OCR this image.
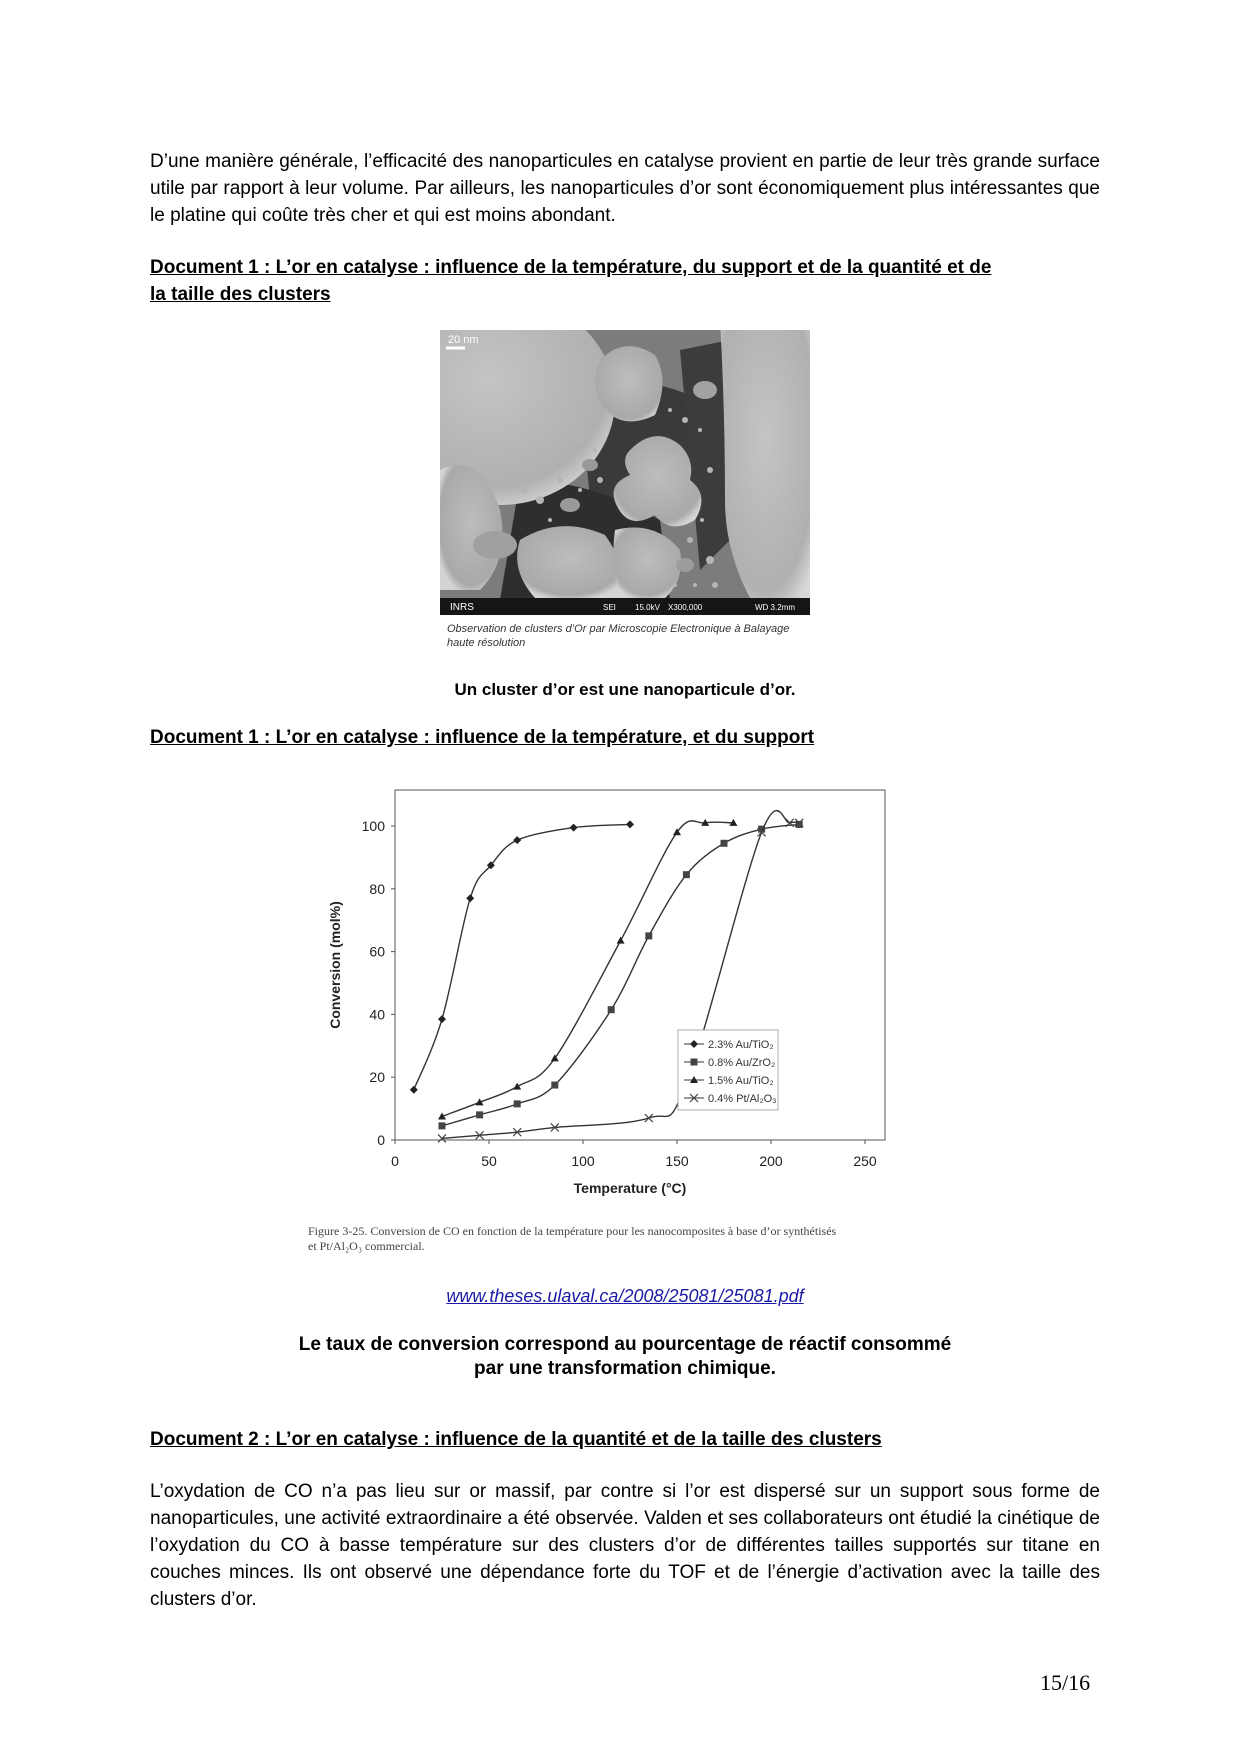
D’une manière générale, l’efficacité des nanoparticules en catalyse provient en partie de leur très grande surface utile par rapport à leur volume. Par ailleurs, les nanoparticules d’or sont économiquement plus intéressantes que le platine qui coûte très cher et qui est moins abondant.

Document 1 : L’or en catalyse : influence de la température, du support et de la quantité et de
la taille des clusters

20 nm
INRS	SEI 15.0kV X300,000	WD 3.2mm
Observation de clusters d’Or par Microscopie Electronique à Balayage
haute résolution

Un cluster d’or est une nanoparticule d’or.

Document 1 : L’or en catalyse : influence de la température, et du support

0
20
40
60
80
100
0	50	100	150	200	250
Temperature (°C)
Conversion (mol%)
2.3% Au/TiO₂
0.8% Au/ZrO₂
1.5% Au/TiO₂
0.4% Pt/Al₂O₃
Figure 3-25. Conversion de CO en fonction de la température pour les nanocomposites à base d’or synthétisés
et Pt/Al₂O₃ commercial.
www.theses.ulaval.ca/2008/25081/25081.pdf

Le taux de conversion correspond au pourcentage de réactif consommé
par une transformation chimique.

Document 2 : L’or en catalyse : influence de la quantité et de la taille des clusters

L’oxydation de CO n’a pas lieu sur or massif, par contre si l’or est dispersé sur un support sous forme de nanoparticules, une activité extraordinaire a été observée. Valden et ses collaborateurs ont étudié la cinétique de l’oxydation du CO à basse température sur des clusters d’or de différentes tailles supportés sur titane en couches minces. Ils ont observé une dépendance forte du TOF et de l’énergie d’activation avec la taille des clusters d’or.

15/16
